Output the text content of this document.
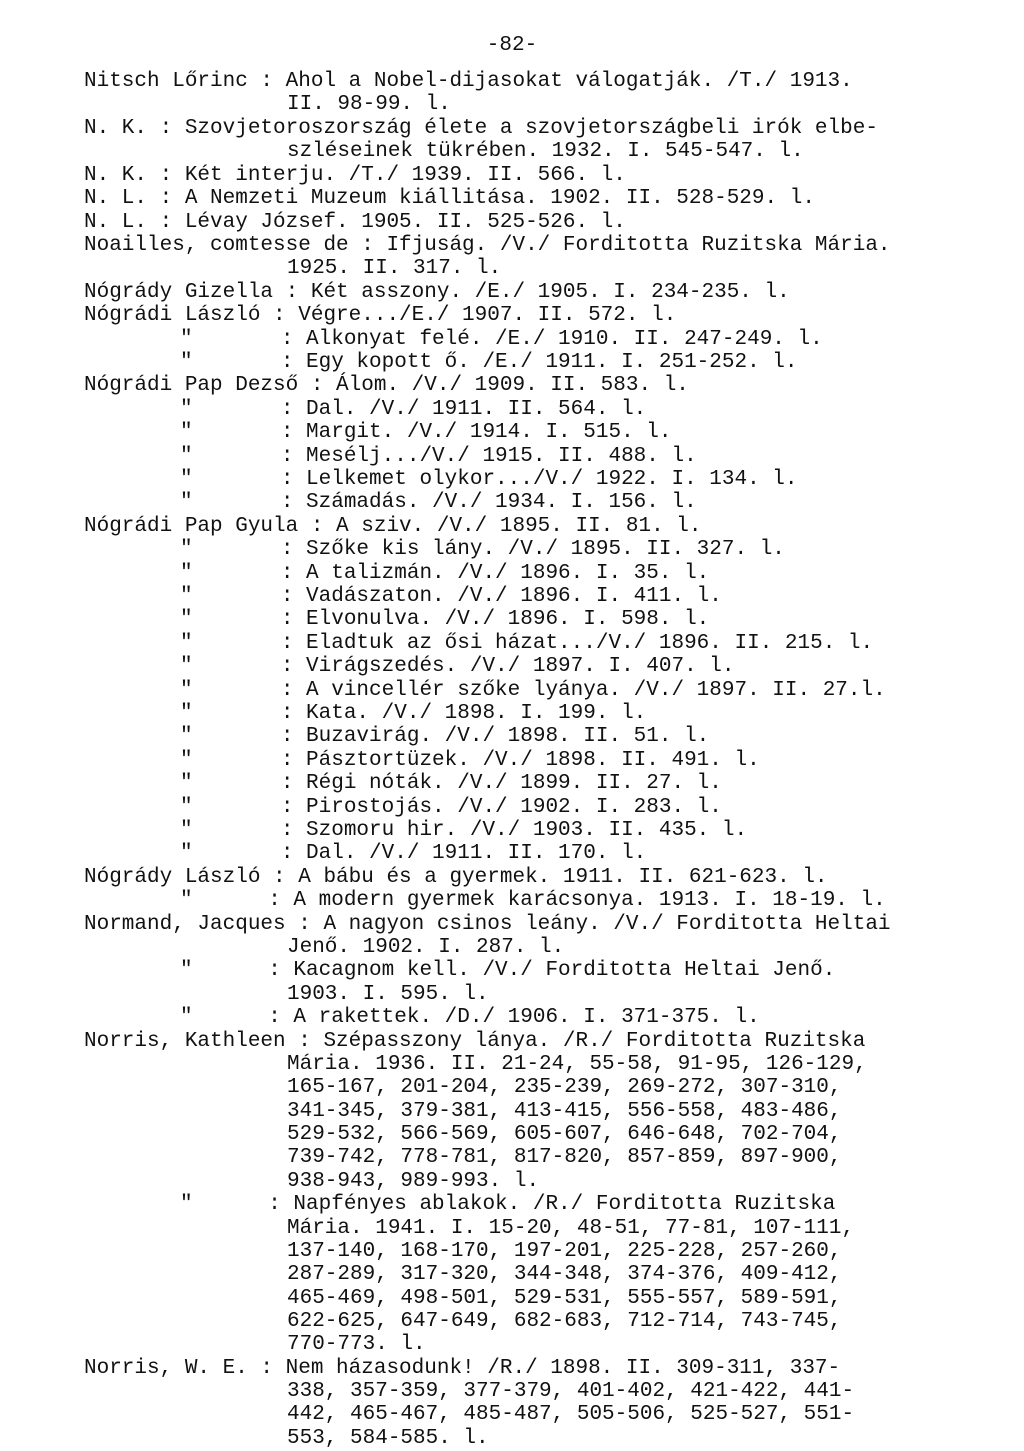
-82-
Nitsch Lőrinc : Ahol a Nobel-dijasokat válogatják. /T./ 1913.
II. 98-99. l.
N. K. : Szovjetoroszország élete a szovjetországbeli irók elbe-
szléseinek tükrében. 1932. I. 545-547. l.
N. K. : Két interju. /T./ 1939. II. 566. l.
N. L. : A Nemzeti Muzeum kiállitása. 1902. II. 528-529. l.
N. L. : Lévay József. 1905. II. 525-526. l.
Noailles, comtesse de : Ifjuság. /V./ Forditotta Ruzitska Mária.
1925. II. 317. l.
Nógrády Gizella : Két asszony. /E./ 1905. I. 234-235. l.
Nógrádi László : Végre.../E./ 1907. II. 572. l.
"       : Alkonyat felé. /E./ 1910. II. 247-249. l.
"       : Egy kopott ő. /E./ 1911. I. 251-252. l.
Nógrádi Pap Dezső : Álom. /V./ 1909. II. 583. l.
"       : Dal. /V./ 1911. II. 564. l.
"       : Margit. /V./ 1914. I. 515. l.
"       : Mesélj.../V./ 1915. II. 488. l.
"       : Lelkemet olykor.../V./ 1922. I. 134. l.
"       : Számadás. /V./ 1934. I. 156. l.
Nógrádi Pap Gyula : A sziv. /V./ 1895. II. 81. l.
"       : Szőke kis lány. /V./ 1895. II. 327. l.
"       : A talizmán. /V./ 1896. I. 35. l.
"       : Vadászaton. /V./ 1896. I. 411. l.
"       : Elvonulva. /V./ 1896. I. 598. l.
"       : Eladtuk az ősi házat.../V./ 1896. II. 215. l.
"       : Virágszedés. /V./ 1897. I. 407. l.
"       : A vincellér szőke lyánya. /V./ 1897. II. 27.l.
"       : Kata. /V./ 1898. I. 199. l.
"       : Buzavirág. /V./ 1898. II. 51. l.
"       : Pásztortüzek. /V./ 1898. II. 491. l.
"       : Régi nóták. /V./ 1899. II. 27. l.
"       : Pirostojás. /V./ 1902. I. 283. l.
"       : Szomoru hir. /V./ 1903. II. 435. l.
"       : Dal. /V./ 1911. II. 170. l.
Nógrády László : A bábu és a gyermek. 1911. II. 621-623. l.
"      : A modern gyermek karácsonya. 1913. I. 18-19. l.
Normand, Jacques : A nagyon csinos leány. /V./ Forditotta Heltai
Jenő. 1902. I. 287. l.
"      : Kacagnom kell. /V./ Forditotta Heltai Jenő.
1903. I. 595. l.
"      : A rakettek. /D./ 1906. I. 371-375. l.
Norris, Kathleen : Szépasszony lánya. /R./ Forditotta Ruzitska
Mária. 1936. II. 21-24, 55-58, 91-95, 126-129,
165-167, 201-204, 235-239, 269-272, 307-310,
341-345, 379-381, 413-415, 556-558, 483-486,
529-532, 566-569, 605-607, 646-648, 702-704,
739-742, 778-781, 817-820, 857-859, 897-900,
938-943, 989-993. l.
"      : Napfényes ablakok. /R./ Forditotta Ruzitska
Mária. 1941. I. 15-20, 48-51, 77-81, 107-111,
137-140, 168-170, 197-201, 225-228, 257-260,
287-289, 317-320, 344-348, 374-376, 409-412,
465-469, 498-501, 529-531, 555-557, 589-591,
622-625, 647-649, 682-683, 712-714, 743-745,
770-773. l.
Norris, W. E. : Nem házasodunk! /R./ 1898. II. 309-311, 337-
338, 357-359, 377-379, 401-402, 421-422, 441-
442, 465-467, 485-487, 505-506, 525-527, 551-
553, 584-585. l.
